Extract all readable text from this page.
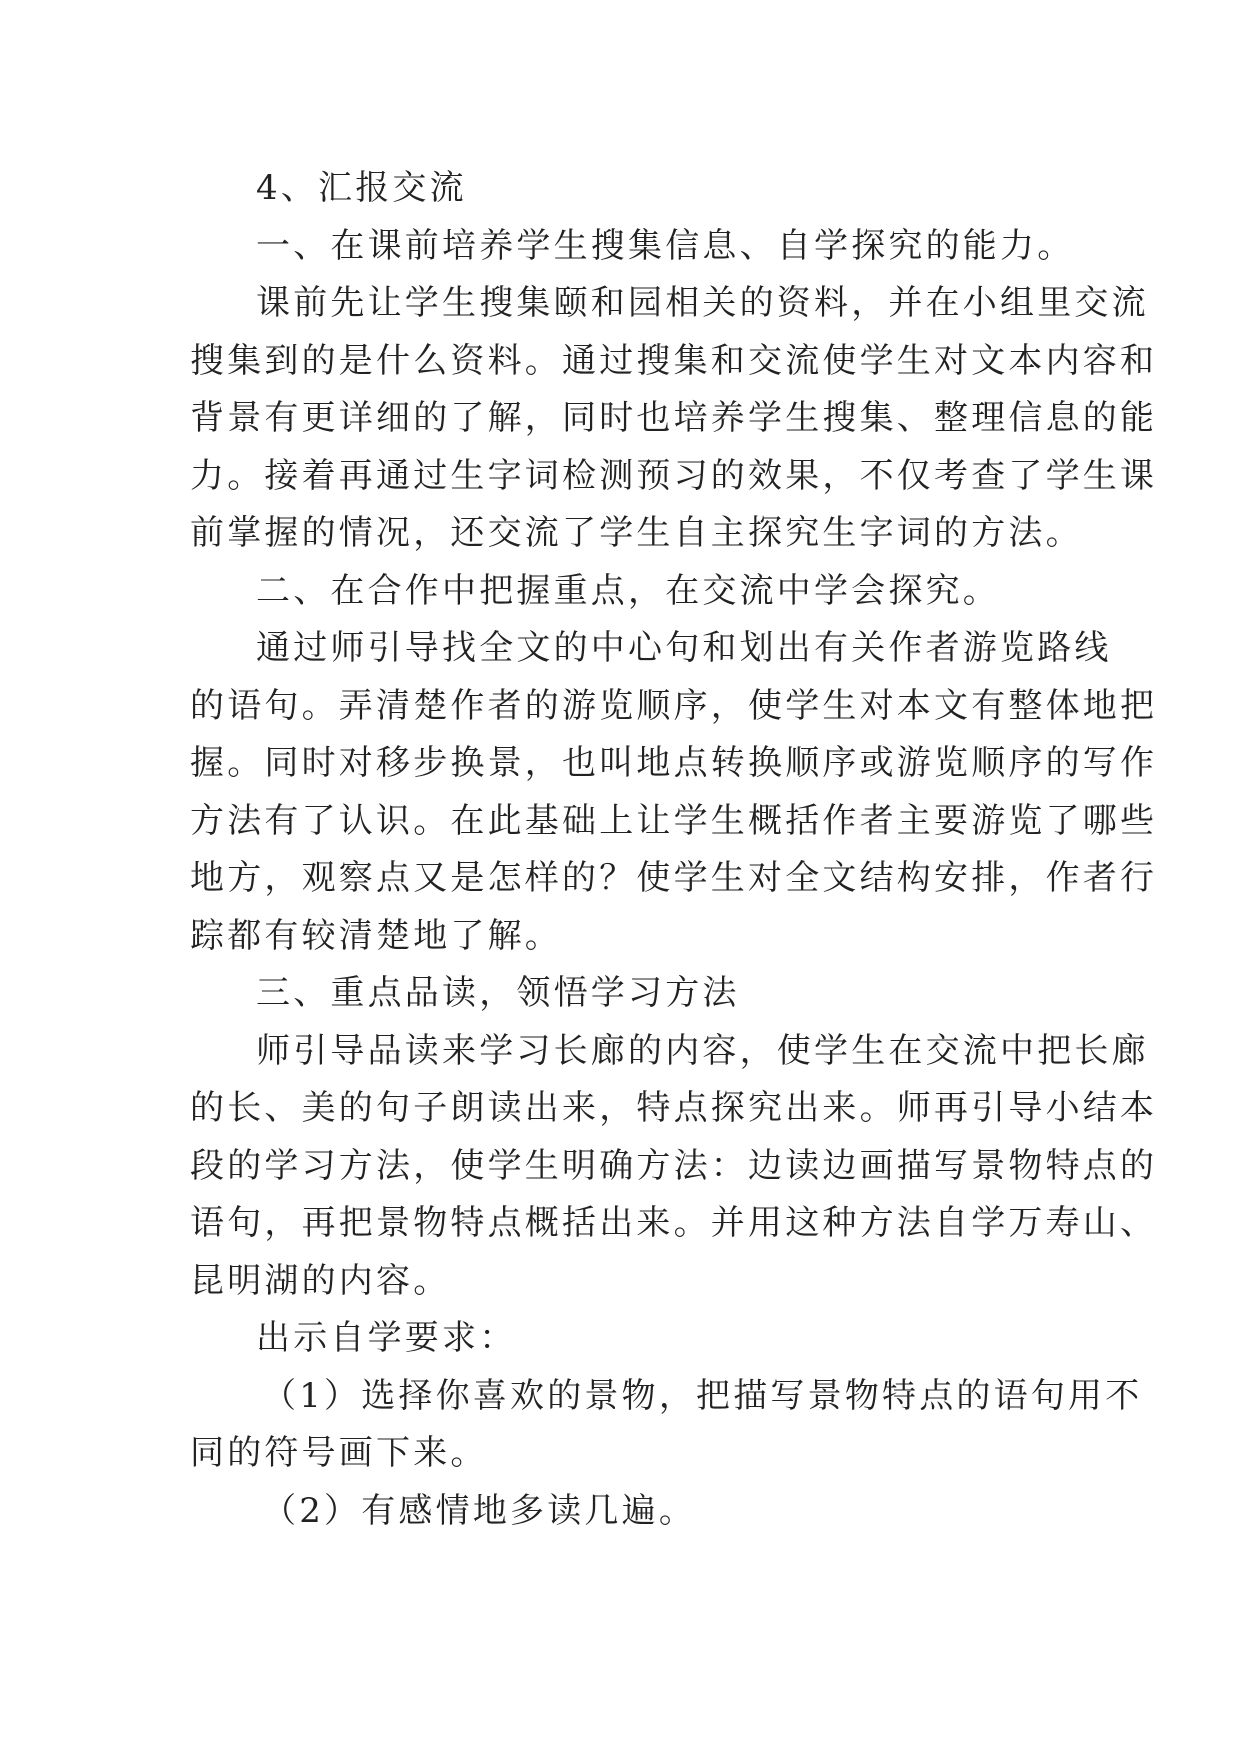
4、汇报交流
一、在课前培养学生搜集信息、自学探究的能力。
课前先让学生搜集颐和园相关的资料，并在小组里交流
搜集到的是什么资料。通过搜集和交流使学生对文本内容和
背景有更详细的了解，同时也培养学生搜集、整理信息的能
力。接着再通过生字词检测预习的效果，不仅考查了学生课
前掌握的情况，还交流了学生自主探究生字词的方法。
二、在合作中把握重点，在交流中学会探究。
通过师引导找全文的中心句和划出有关作者游览路线
的语句。弄清楚作者的游览顺序，使学生对本文有整体地把
握。同时对移步换景，也叫地点转换顺序或游览顺序的写作
方法有了认识。在此基础上让学生概括作者主要游览了哪些
地方，观察点又是怎样的？使学生对全文结构安排，作者行
踪都有较清楚地了解。
三、重点品读，领悟学习方法
师引导品读来学习长廊的内容，使学生在交流中把长廊
的长、美的句子朗读出来，特点探究出来。师再引导小结本
段的学习方法，使学生明确方法：边读边画描写景物特点的
语句，再把景物特点概括出来。并用这种方法自学万寿山、
昆明湖的内容。
出示自学要求：
（1）选择你喜欢的景物，把描写景物特点的语句用不
同的符号画下来。
（2）有感情地多读几遍。
